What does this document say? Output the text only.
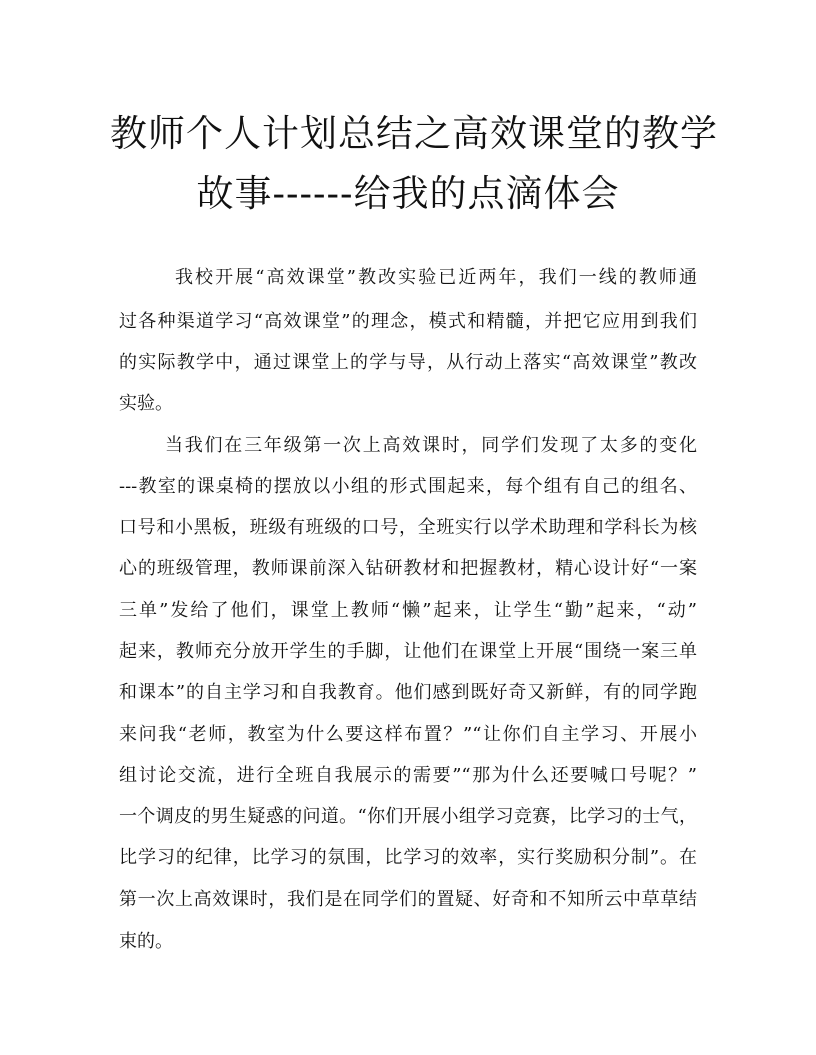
教师个人计划总结之高效课堂的教学
故事------给我的点滴体会

我校开展“高效课堂”教改实验已近两年，我们一线的教师通

过各种渠道学习“高效课堂”的理念，模式和精髓，并把它应用到我们

的实际教学中，通过课堂上的学与导，从行动上落实“高效课堂”教改

实验。

当我们在三年级第一次上高效课时，同学们发现了太多的变化

---教室的课桌椅的摆放以小组的形式围起来，每个组有自己的组名、

口号和小黑板，班级有班级的口号，全班实行以学术助理和学科长为核

心的班级管理，教师课前深入钻研教材和把握教材，精心设计好“一案

三单”发给了他们，课堂上教师“懒”起来，让学生“勤”起来，“动”

起来，教师充分放开学生的手脚，让他们在课堂上开展“围绕一案三单

和课本”的自主学习和自我教育。他们感到既好奇又新鲜，有的同学跑

来问我“老师，教室为什么要这样布置？”“让你们自主学习、开展小

组讨论交流，进行全班自我展示的需要”“那为什么还要喊口号呢？”

一个调皮的男生疑惑的问道。“你们开展小组学习竞赛，比学习的士气，

比学习的纪律，比学习的氛围，比学习的效率，实行奖励积分制”。在

第一次上高效课时，我们是在同学们的置疑、好奇和不知所云中草草结

束的。
